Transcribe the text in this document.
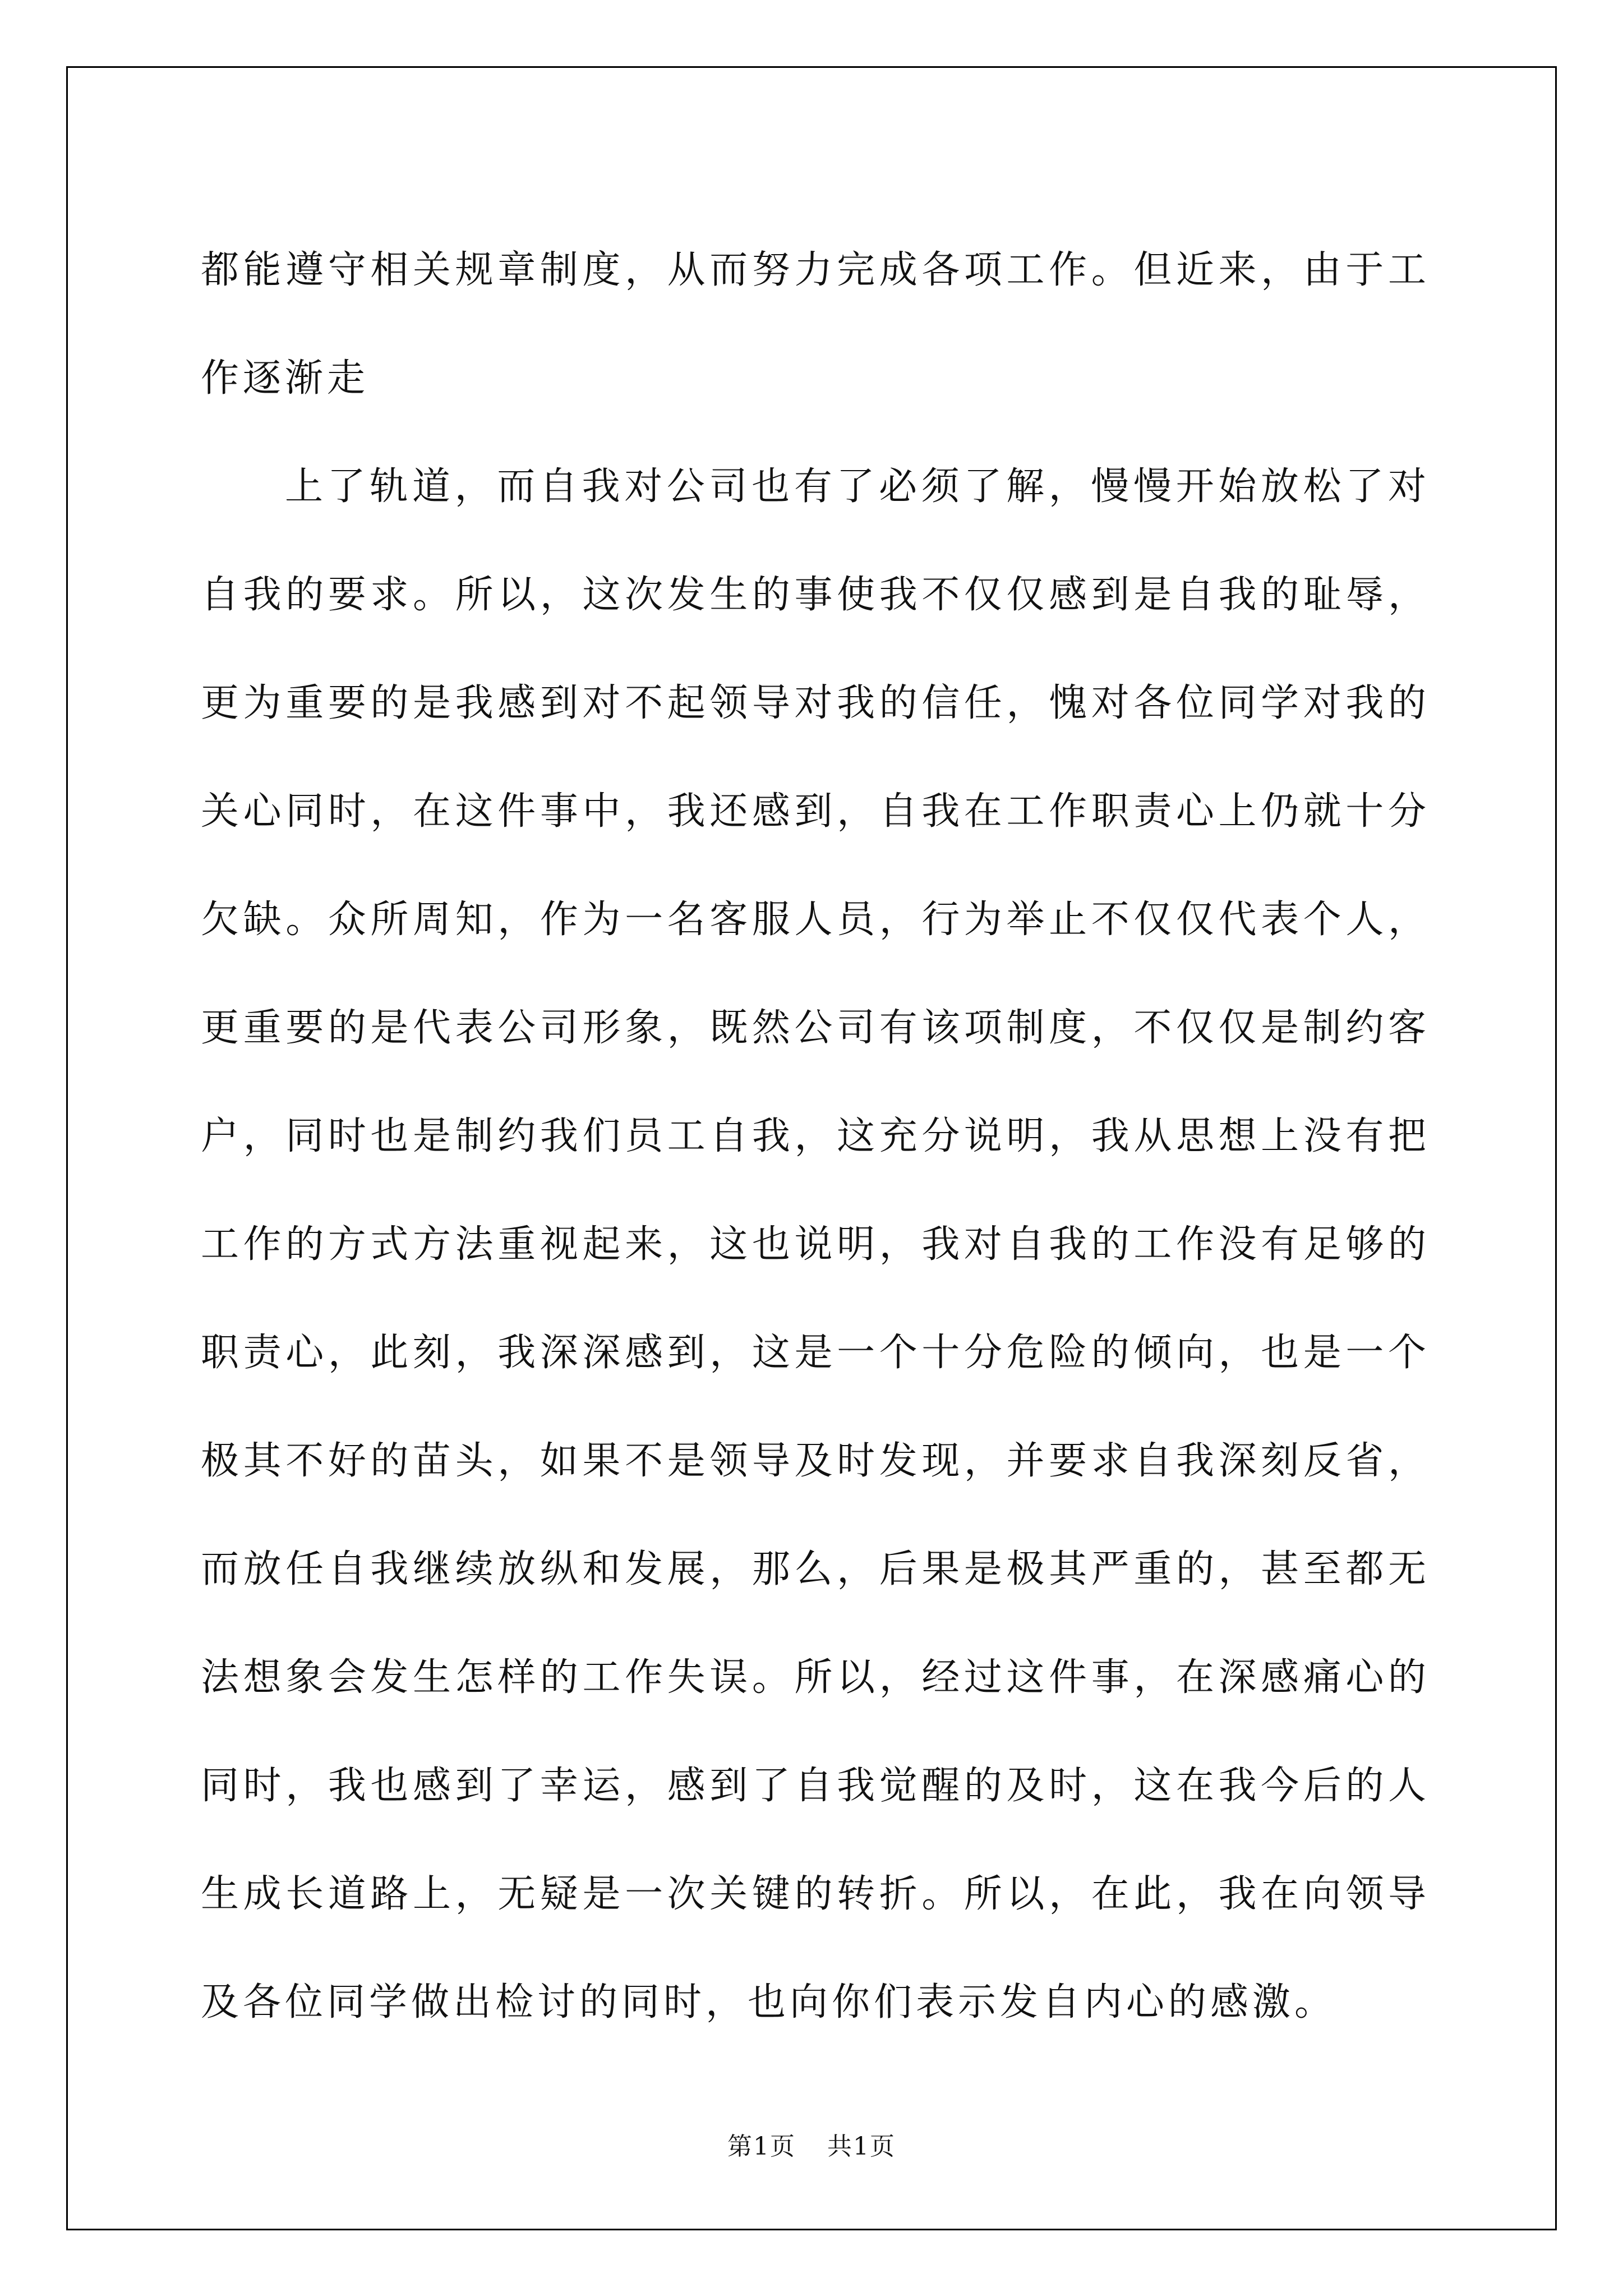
都能遵守相关规章制度，从而努力完成各项工作。但近来，由于工作逐渐走

上了轨道，而自我对公司也有了必须了解，慢慢开始放松了对自我的要求。所以，这次发生的事使我不仅仅感到是自我的耻辱，更为重要的是我感到对不起领导对我的信任，愧对各位同学对我的关心同时，在这件事中，我还感到，自我在工作职责心上仍就十分欠缺。众所周知，作为一名客服人员，行为举止不仅仅代表个人，更重要的是代表公司形象，既然公司有该项制度，不仅仅是制约客户，同时也是制约我们员工自我，这充分说明，我从思想上没有把工作的方式方法重视起来，这也说明，我对自我的工作没有足够的职责心，此刻，我深深感到，这是一个十分危险的倾向，也是一个极其不好的苗头，如果不是领导及时发现，并要求自我深刻反省，而放任自我继续放纵和发展，那么，后果是极其严重的，甚至都无法想象会发生怎样的工作失误。所以，经过这件事，在深感痛心的同时，我也感到了幸运，感到了自我觉醒的及时，这在我今后的人生成长道路上，无疑是一次关键的转折。所以，在此，我在向领导及各位同学做出检讨的同时，也向你们表示发自内心的感激。

第1页 共1页
